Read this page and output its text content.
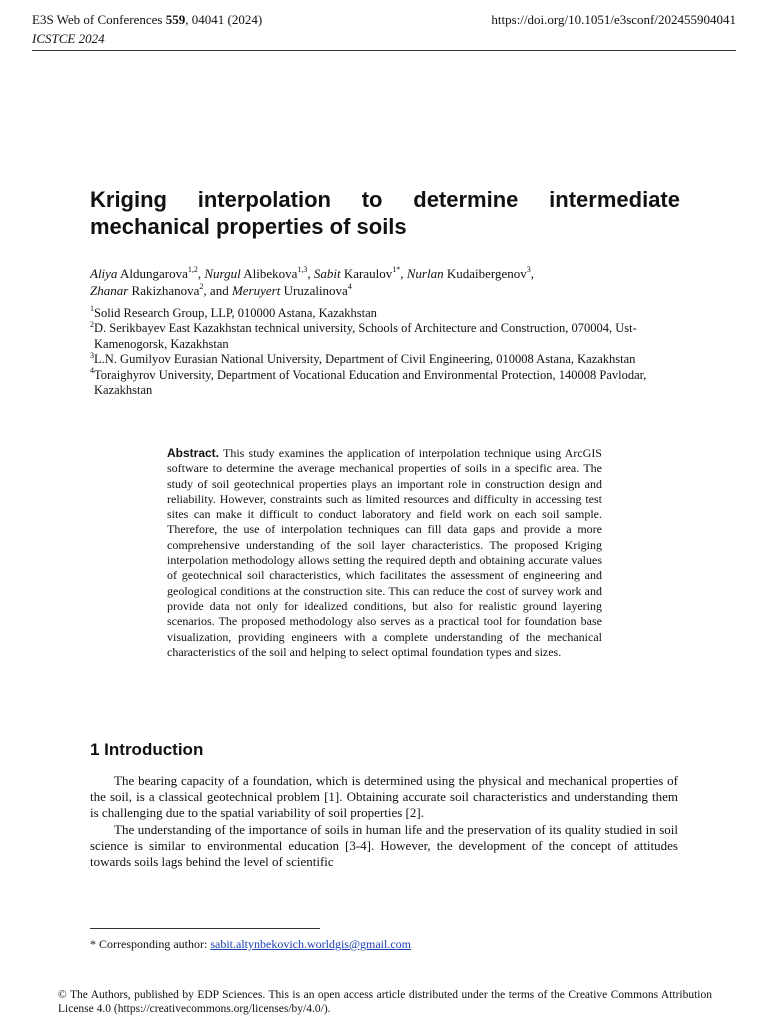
E3S Web of Conferences 559, 04041 (2024)
ICSTCE 2024
https://doi.org/10.1051/e3sconf/202455904041
Kriging interpolation to determine intermediate mechanical properties of soils
Aliya Aldungarova$^{1,2}$, Nurgul Alibekova$^{1,3}$, Sabit Karaulov$^{1*}$, Nurlan Kudaibergenov$^3$,
Zhanar Rakizhanova$^2$, and Meruyert Uruzalinova$^4$
$^1$Solid Research Group, LLP, 010000 Astana, Kazakhstan
$^2$D. Serikbayev East Kazakhstan technical university, Schools of Architecture and Construction, 070004, Ust-Kamenogorsk, Kazakhstan
$^3$L.N. Gumilyov Eurasian National University, Department of Civil Engineering, 010008 Astana, Kazakhstan
$^4$Toraighyrov University, Department of Vocational Education and Environmental Protection, 140008 Pavlodar, Kazakhstan
Abstract. This study examines the application of interpolation technique using ArcGIS software to determine the average mechanical properties of soils in a specific area. The study of soil geotechnical properties plays an important role in construction design and reliability. However, constraints such as limited resources and difficulty in accessing test sites can make it difficult to conduct laboratory and field work on each soil sample. Therefore, the use of interpolation techniques can fill data gaps and provide a more comprehensive understanding of the soil layer characteristics. The proposed Kriging interpolation methodology allows setting the required depth and obtaining accurate values of geotechnical soil characteristics, which facilitates the assessment of engineering and geological conditions at the construction site. This can reduce the cost of survey work and provide data not only for idealized conditions, but also for realistic ground layering scenarios. The proposed methodology also serves as a practical tool for foundation base visualization, providing engineers with a complete understanding of the mechanical characteristics of the soil and helping to select optimal foundation types and sizes.
1 Introduction

The bearing capacity of a foundation, which is determined using the physical and mechanical properties of the soil, is a classical geotechnical problem [1]. Obtaining accurate soil characteristics and understanding them is challenging due to the spatial variability of soil properties [2].

The understanding of the importance of soils in human life and the preservation of its quality studied in soil science is similar to environmental education [3-4]. However, the development of the concept of attitudes towards soils lags behind the level of scientific

* Corresponding author: sabit.altynbekovich.worldgis@gmail.com
© The Authors, published by EDP Sciences. This is an open access article distributed under the terms of the Creative Commons Attribution License 4.0 (https://creativecommons.org/licenses/by/4.0/).
